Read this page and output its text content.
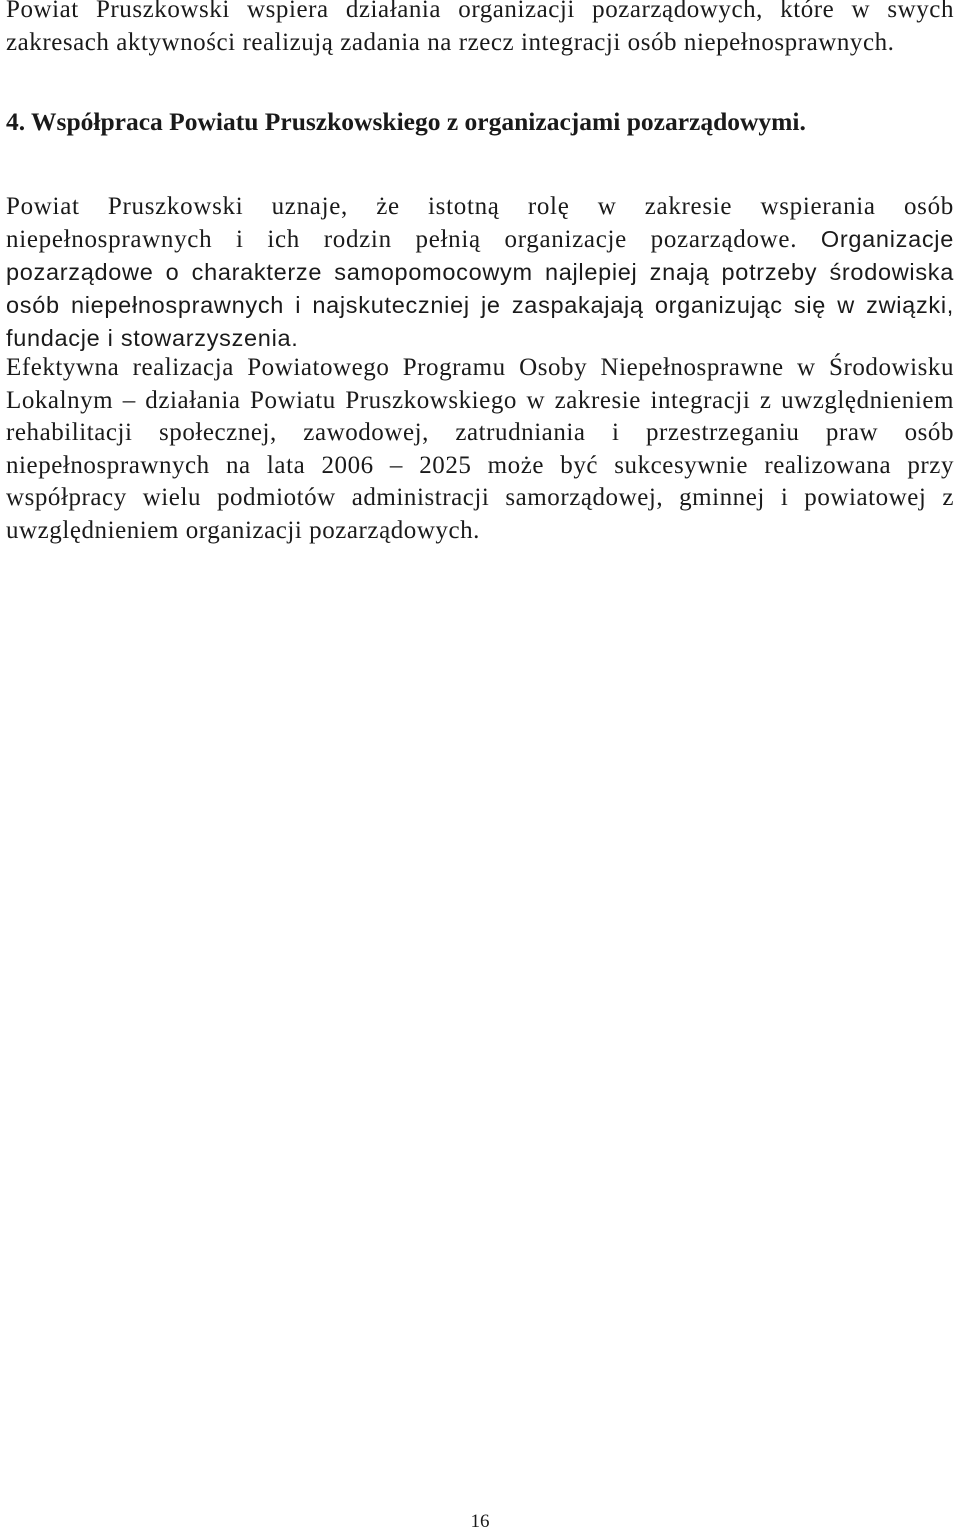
Powiat Pruszkowski wspiera działania organizacji pozarządowych, które w swych zakresach aktywności realizują zadania na rzecz integracji osób niepełnosprawnych.

4. Współpraca Powiatu Pruszkowskiego z organizacjami pozarządowymi.

Powiat Pruszkowski uznaje, że istotną rolę w zakresie wspierania osób niepełnosprawnych i ich rodzin pełnią organizacje pozarządowe. Organizacje pozarządowe o charakterze samopomocowym najlepiej znają potrzeby środowiska osób niepełnosprawnych i najskuteczniej je zaspakajają organizując się w związki, fundacje i stowarzyszenia.

Efektywna realizacja Powiatowego Programu Osoby Niepełnosprawne w Środowisku Lokalnym – działania Powiatu Pruszkowskiego w zakresie integracji z uwzględnieniem rehabilitacji społecznej, zawodowej, zatrudniania i przestrzeganiu praw osób niepełnosprawnych na lata 2006 – 2025 może być sukcesywnie realizowana przy współpracy wielu podmiotów administracji samorządowej, gminnej i powiatowej z uwzględnieniem organizacji pozarządowych.

16
